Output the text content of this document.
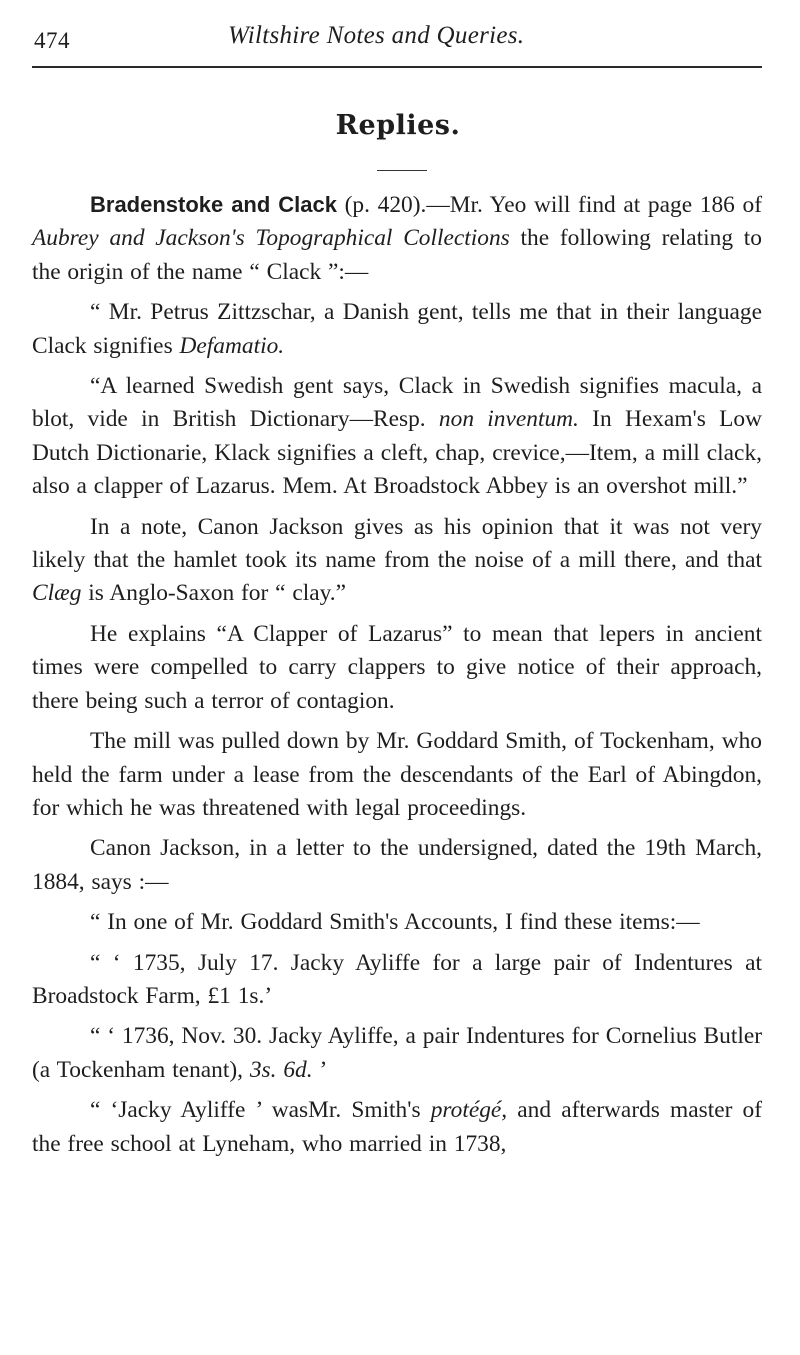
474	Wiltshire Notes and Queries.
Replies.

Bradenstoke and Clack (p. 420).—Mr. Yeo will find at page 186 of Aubrey and Jackson's Topographical Collections the following relating to the origin of the name “ Clack ”:—

“ Mr. Petrus Zittzschar, a Danish gent, tells me that in their language Clack signifies Defamatio.

“A learned Swedish gent says, Clack in Swedish signifies macula, a blot, vide in British Dictionary—Resp. non inventum. In Hexam's Low Dutch Dictionarie, Klack signifies a cleft, chap, crevice,—Item, a mill clack, also a clapper of Lazarus. Mem. At Broadstock Abbey is an overshot mill.”

In a note, Canon Jackson gives as his opinion that it was not very likely that the hamlet took its name from the noise of a mill there, and that Clæg is Anglo-Saxon for “ clay.”

He explains “A Clapper of Lazarus” to mean that lepers in ancient times were compelled to carry clappers to give notice of their approach, there being such a terror of contagion.

The mill was pulled down by Mr. Goddard Smith, of Tockenham, who held the farm under a lease from the descendants of the Earl of Abingdon, for which he was threatened with legal proceedings.

Canon Jackson, in a letter to the undersigned, dated the 19th March, 1884, says :—

“ In one of Mr. Goddard Smith's Accounts, I find these items:—

“ ‘ 1735, July 17. Jacky Ayliffe for a large pair of Indentures at Broadstock Farm, £1 1s.’

“ ‘ 1736, Nov. 30. Jacky Ayliffe, a pair Indentures for Cornelius Butler (a Tockenham tenant), 3s. 6d. ’

“ ‘Jacky Ayliffe ’ wasMr. Smith's protégé, and afterwards master of the free school at Lyneham, who married in 1738,
